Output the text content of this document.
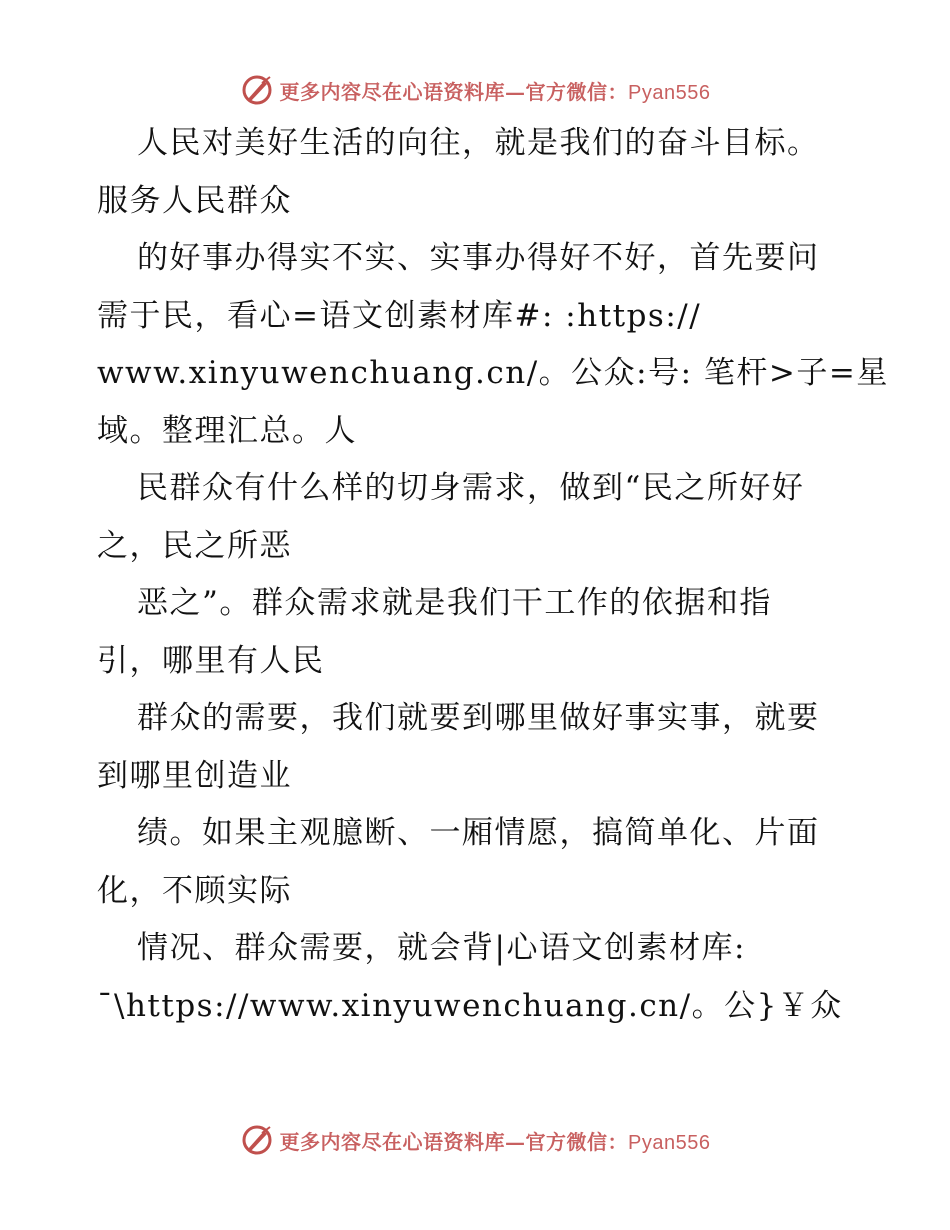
更多内容尽在心语资料库—官方微信：Pyan556
人民对美好生活的向往，就是我们的奋斗目标。
服务人民群众
的好事办得实不实、实事办得好不好，首先要问
需于民，看心=语文创素材库#: :https://
www.xinyuwenchuang.cn/。公众:号: 笔杆>子=星
域。整理汇总。人
民群众有什么样的切身需求，做到“民之所好好
之，民之所恶
恶之”。群众需求就是我们干工作的依据和指
引，哪里有人民
群众的需要，我们就要到哪里做好事实事，就要
到哪里创造业
绩。如果主观臆断、一厢情愿，搞简单化、片面
化，不顾实际
情况、群众需要，就会背|心语文创素材库:
¯\https://www.xinyuwenchuang.cn/。公}￥众
更多内容尽在心语资料库—官方微信：Pyan556
